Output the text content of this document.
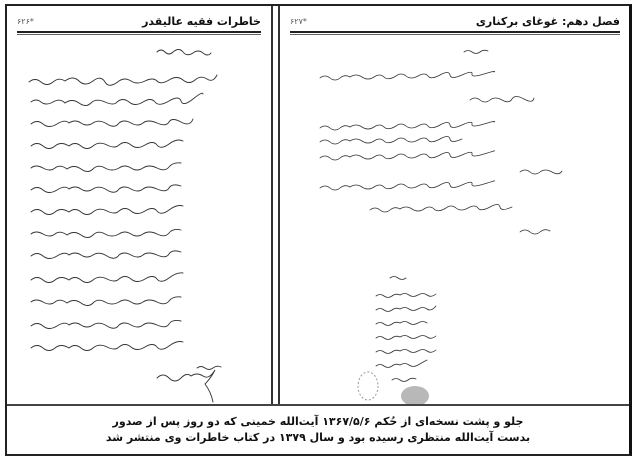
خاطرات فقیه عالیقدر
*۶۲۶	فصل دهم: غوغای برکناری
*۶۲۷
جلو و پشت نسخه‌ای از حُکم ۱۳۶۷/۵/۶ آیت‌الله خمینی که دو روز پس از صدور
بدست آیت‌الله منتظری رسیده بود و سال ۱۳۷۹ در کتاب خاطرات وی منتشر شد
